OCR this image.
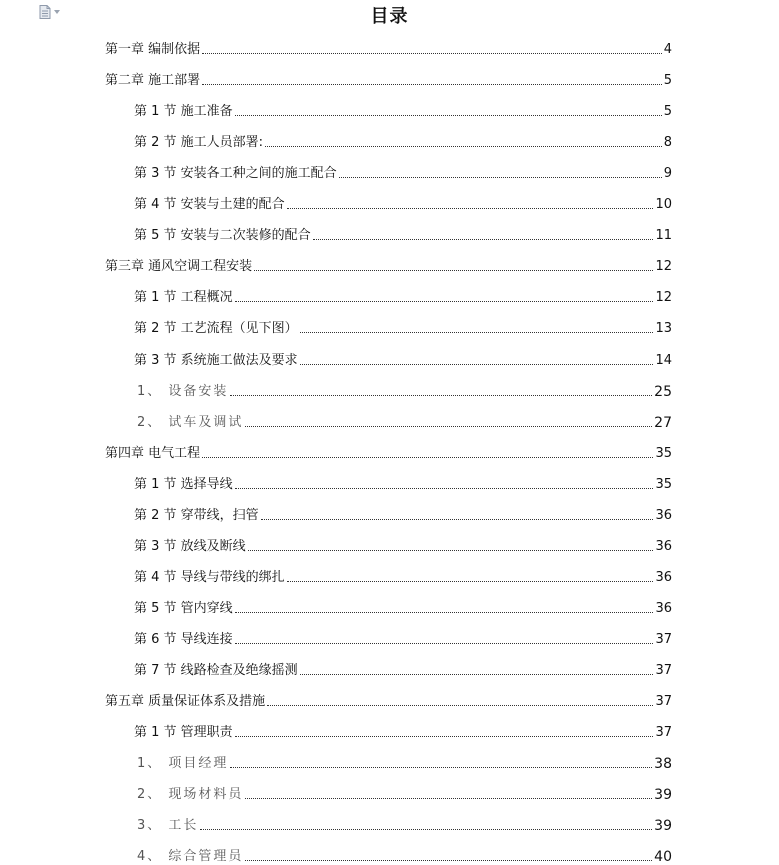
目录
第一章 编制依据	4
第二章 施工部署	5
第 1 节 施工准备	5
第 2 节 施工人员部署:	8
第 3 节 安装各工种之间的施工配合	9
第 4 节 安装与土建的配合	10
第 5 节 安装与二次装修的配合	11
第三章 通风空调工程安装	12
第 1 节 工程概况	12
第 2 节 工艺流程（见下图）	13
第 3 节 系统施工做法及要求	14
1、 设备安装	25
2、 试车及调试	27
第四章 电气工程	35
第 1 节 选择导线	35
第 2 节 穿带线，扫管	36
第 3 节 放线及断线	36
第 4 节 导线与带线的绑扎	36
第 5 节 管内穿线	36
第 6 节 导线连接	37
第 7 节 线路检查及绝缘摇测	37
第五章 质量保证体系及措施	37
第 1 节 管理职责	37
1、 项目经理	38
2、 现场材料员	39
3、 工长	39
4、 综合管理员	40
